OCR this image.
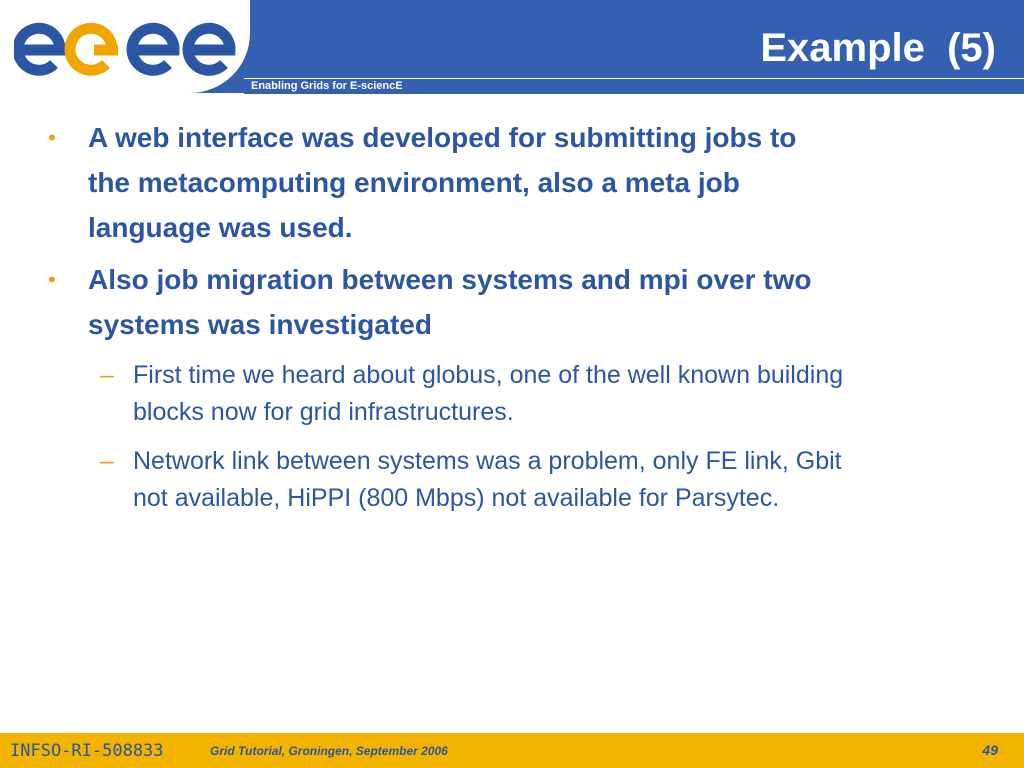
Example  (5)
Enabling Grids for E-sciencE
• A web interface was developed for submitting jobs to
the metacomputing environment, also a meta job
language was used.
• Also job migration between systems and mpi over two
systems was investigated
– First time we heard about globus, one of the well known building
blocks now for grid infrastructures.
– Network link between systems was a problem, only FE link, Gbit
not available, HiPPI (800 Mbps) not available for Parsytec.
INFSO-RI-508833	Grid Tutorial, Groningen, September 2006	49
